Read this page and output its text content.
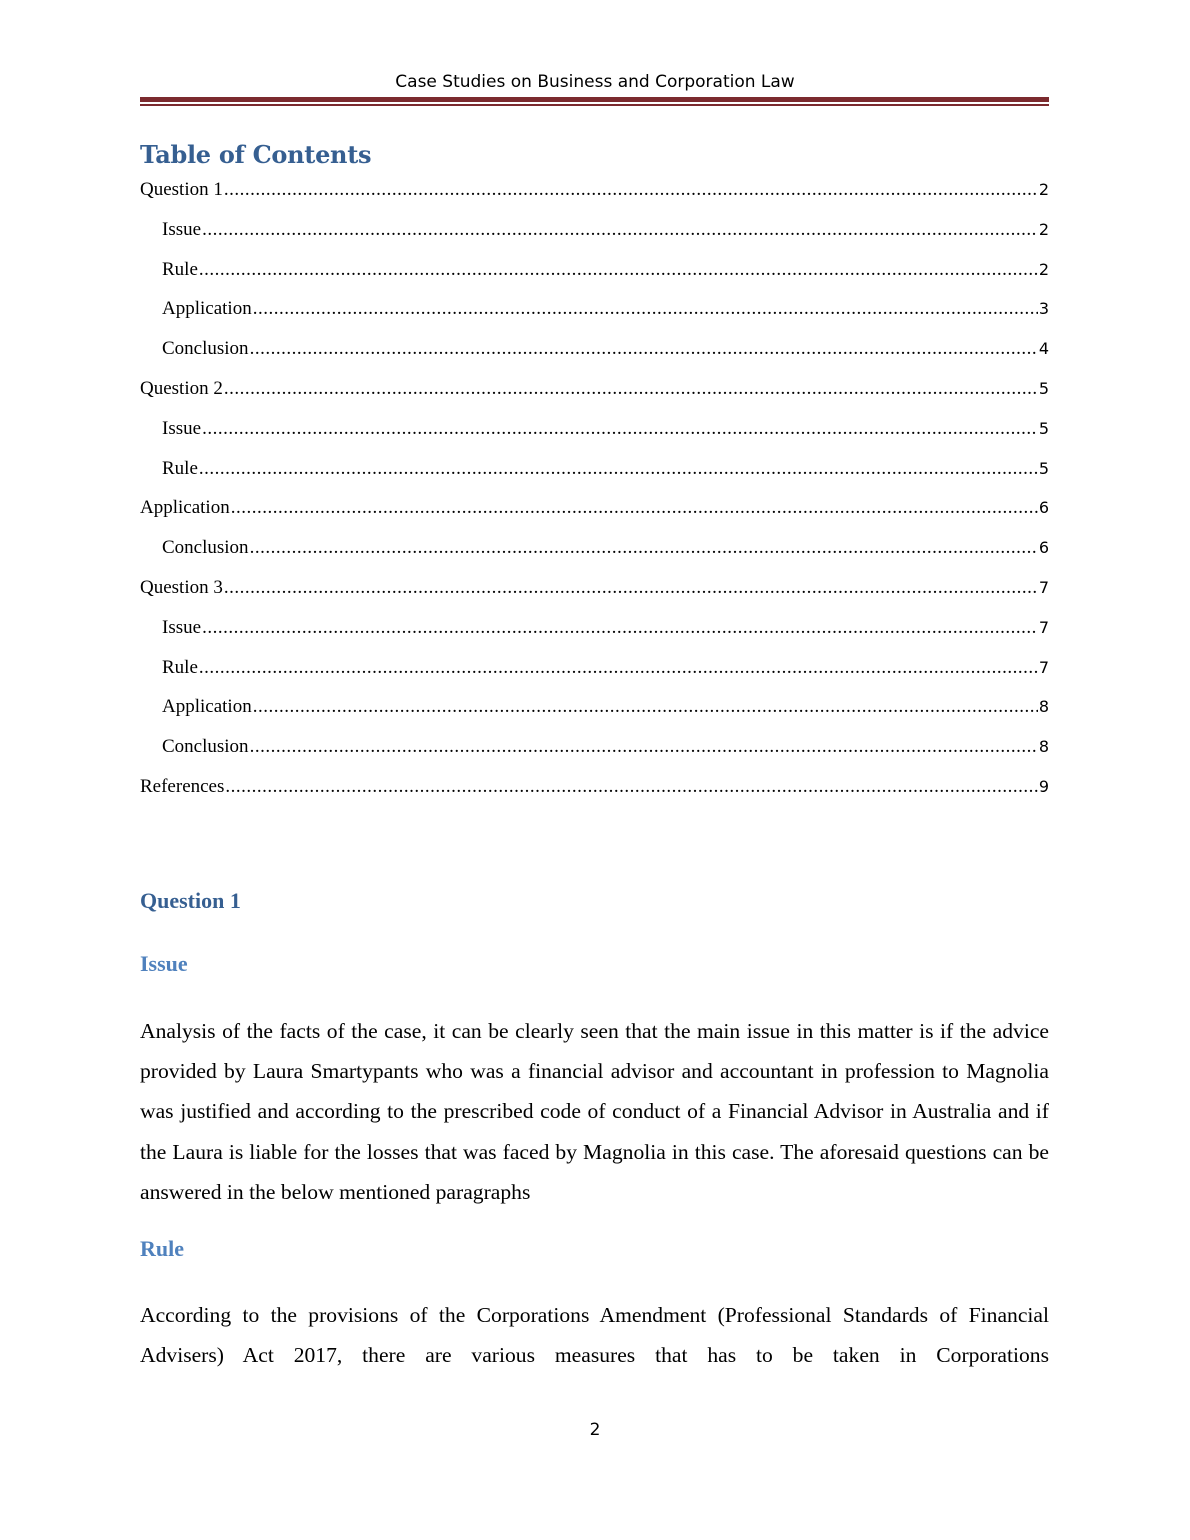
Case Studies on Business and Corporation Law
Table of Contents
Question 1 .....	2
Issue .....	2
Rule .....	2
Application .....	3
Conclusion .....	4
Question 2 .....	5
Issue .....	5
Rule .....	5
Application .....	6
Conclusion .....	6
Question 3 .....	7
Issue .....	7
Rule .....	7
Application .....	8
Conclusion .....	8
References .....	9
Question 1
Issue
Analysis of the facts of the case, it can be clearly seen that the main issue in this matter is if the advice provided by Laura Smartypants who was a financial advisor and accountant in profession to Magnolia was justified and according to the prescribed code of conduct of a Financial Advisor in Australia and if the Laura is liable for the losses that was faced by Magnolia in this case. The aforesaid questions can be answered in the below mentioned paragraphs
Rule
According to the provisions of the Corporations Amendment (Professional Standards of Financial Advisers) Act 2017, there are various measures that has to be taken in Corporations
2
